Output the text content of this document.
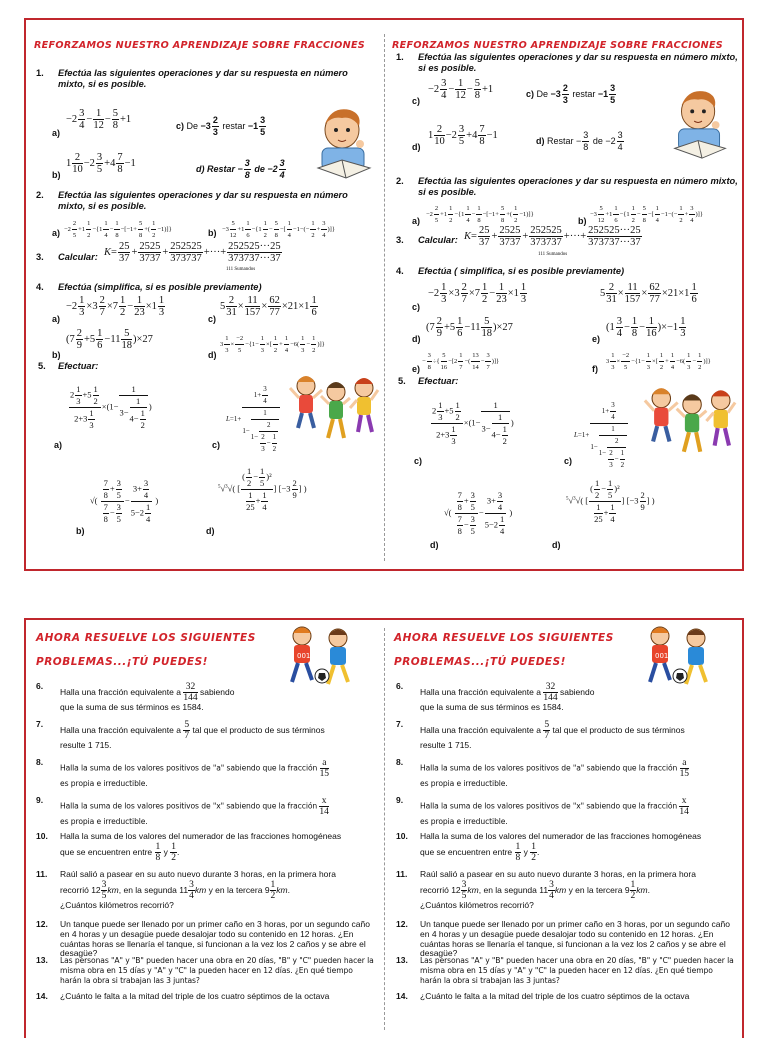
REFORZAMOS NUESTRO APRENDIZAJE SOBRE FRACCIONES
1. Efectúa las siguientes operaciones y dar su respuesta en número mixto, si es posible.
a)
$-2 \frac{3}{4} - \frac{1}{12} - \frac{5}{8} +1$
c) $De -3 \frac{2}{3}$ restar $-1 \frac{3}{5}$
b)
$1 \frac{2}{10} -2 \frac{3}{5} +4 \frac{7}{8} -1$	d) Restar − $\frac{3}{8}$ de $-2 \frac{3}{4}$
2. Efectúa las siguientes operaciones y dar su respuesta en número mixto, si es posible.
$a) -2 \frac{2}{5} +1 \frac{1}{2} -\{1 \frac{1}{4} - \frac{1}{8} -[-1+ \frac{5}{8}$ +( $\frac{1}{2} -1$)]}	$b) -3 \frac{5}{12} +1 \frac{1}{6} -\{1 \frac{1}{2} - \frac{5}{8}$ −[ $\frac{1}{4} -1-(- \frac{1}{2} + \frac{3}{4}$ )]}
3. Calcular: $K= \frac{25}{37} + \frac{2525}{3737} + \frac{252525}{373737}$ +···+ $\frac{252525\cdot\cdot\cdot 25}{373737\cdot\cdot\cdot 37}$
111 Sumandos
4. Efectúa (simplifica, si es posible previamente)
a)
$-2 \frac{1}{3} \times 3 \frac{2}{7} \times 7 \frac{1}{2} - \frac{1}{23} \times 1 \frac{1}{3}$
c)
$5 \frac{2}{31} \times \frac{11}{157} \times \frac{62}{77} \times 21\times 1 \frac{1}{6}$
b)
$(7 \frac{2}{9} +5 \frac{1}{6} -11 \frac{5}{18} )\times 27$
d)
$3 \frac{1}{3} \times \frac{-2}{5} -\{1- \frac{1}{3}$ ×[ $\frac{1}{2} + \frac{1}{4} -6( \frac{1}{3} - \frac{1}{2}$ )]}
5. Efectuar:
a)
$\frac{2 \frac{1}{3} +5 \frac{1}{2}}{2+3 \frac{1}{3}} \times(1- \frac{1}{3- \frac{1}{4- \frac{1}{2}}}$ )
c)
$L=1+ \frac{1+ \frac{3}{4}}{1- \frac{1}{1- \frac{2}{\frac{2}{3} - \frac{1}{2}}}}$
b)
√( $\frac{\frac{7}{8} + \frac{3}{5}}{\frac{7}{8} - \frac{3}{5}} - \frac{3+ \frac{3}{4}}{5-2 \frac{1}{4}}$ )
d)
$^5$√$^3$√( [ $\frac{( \frac{1}{2} - \frac{1}{5} )^2}{\frac{1}{25} + \frac{1}{4}}$ ] [$-3 \frac{2}{9}$ ] )
REFORZAMOS NUESTRO APRENDIZAJE SOBRE FRACCIONES
1. Efectúa las siguientes operaciones y dar su respuesta en número mixto, si es posible.
c)
$-2 \frac{3}{4} - \frac{1}{12} - \frac{5}{8} +1$	c) $De -3 \frac{2}{3}$ restar $-1 \frac{3}{5}$
d)
$1 \frac{2}{10} -2 \frac{3}{5} +4 \frac{7}{8} -1$	d) Restar − $\frac{3}{8}$ de $-2 \frac{3}{4}$
2. Efectúa las siguientes operaciones y dar su respuesta en número mixto, si es posible.
a)
$-2 \frac{2}{5} +1 \frac{1}{2} -\{1 \frac{1}{4} - \frac{1}{8} -[-1+ \frac{5}{8}$ +( $\frac{1}{2} -1$)]}
b)
$-3 \frac{5}{12} +1 \frac{1}{6} -\{1 \frac{1}{2} - \frac{5}{8}$ −[ $\frac{1}{4} -1-(- \frac{1}{2} + \frac{3}{4}$ )]}
3. Calcular: $K= \frac{25}{37} + \frac{2525}{3737} + \frac{252525}{373737}$ +···+ $\frac{252525\cdot\cdot\cdot 25}{373737\cdot\cdot\cdot 37}$
111 Sumandos
4. Efectúa ( simplifica, si es posible previamente)
c)
$-2 \frac{1}{3} \times 3 \frac{2}{7} \times 7 \frac{1}{2} - \frac{1}{23} \times 1 \frac{1}{3}$	$5 \frac{2}{31} \times \frac{11}{157} \times \frac{62}{77} \times 21\times 1 \frac{1}{6}$
d)
$(7 \frac{2}{9} +5 \frac{1}{6} -11 \frac{5}{18} )\times 27$
e)
$(1 \frac{3}{4} - \frac{1}{8} - \frac{1}{16} )\times-1 \frac{1}{3}$
e)
− $\frac{3}{8}$ ÷{ $\frac{5}{16} -[2 \frac{1}{7}$ −( $\frac{13}{14} - \frac{3}{7}$ )]}
f)
$3 \frac{1}{3} \times \frac{-2}{5} -\{1- \frac{1}{3}$ ×[ $\frac{1}{2} + \frac{1}{4} -6( \frac{1}{3} - \frac{1}{2}$ )]}
5. Efectuar:
c)
$\frac{2 \frac{1}{3} +5 \frac{1}{2}}{2+3 \frac{1}{3}} \times(1- \frac{1}{3- \frac{1}{4- \frac{1}{2}}}$ )
c)
$L=1+ \frac{1+ \frac{3}{4}}{1- \frac{1}{1- \frac{2}{\frac{2}{3} - \frac{1}{2}}}}$
d)
√( $\frac{\frac{7}{8} + \frac{3}{5}}{\frac{7}{8} - \frac{3}{5}} - \frac{3+ \frac{3}{4}}{5-2 \frac{1}{4}}$ )
d)
$^5$√$^3$√( [ $\frac{( \frac{1}{2} - \frac{1}{5} )^2}{\frac{1}{25} + \frac{1}{4}}$ ] [$-3 \frac{2}{9}$ ] )
AHORA RESUELVE LOS SIGUIENTES
PROBLEMAS...¡TÚ PUEDES!	001
6.
Halla una fracción equivalente a $\frac{32}{144}$ sabiendo
que la suma de sus términos es 1584.
7.
Halla una fracción equivalente a $\frac{5}{7}$ tal que el producto de sus términos
resulte 1 715.
8.
Halla la suma de los valores positivos de "a" sabiendo que la fracción $\frac{a}{15}$

es propia e irreductible.
9.
Halla la suma de los valores positivos de "x" sabiendo que la fracción $\frac{x}{14}$

es propia e irreductible.
10. Halla la suma de los valores del numerador de las fracciones homogéneas
que se encuentren entre $\frac{1}{8}$ y $\frac{1}{2}$ .
11. Raúl salió a pasear en su auto nuevo durante 3 horas, en la primera hora
recorrió $12 \frac{3}{5}$ km, en la segunda $11 \frac{3}{4}$ km y en la tercera $9 \frac{1}{2}$ km.
¿Cuántos kilómetros recorrió?
12. Un tanque puede ser llenado por un primer caño en 3 horas, por un segundo caño en 4 horas y un desagüe puede desalojar todo su contenido en 12 horas. ¿En cuántas horas se llenaría el tanque, si funcionan a la vez los 2 caños y se abre el desagüe?
13. Las personas "A" y "B" pueden hacer una obra en 20 días, "B" y "C" pueden hacer la misma obra en 15 días y "A" y "C" la pueden hacer en 12 días. ¿En qué tiempo harán la obra si trabajan las 3 juntas?
14. ¿Cuánto le falta a la mitad del triple de los cuatro séptimos de la octava
AHORA RESUELVE LOS SIGUIENTES
PROBLEMAS...¡TÚ PUEDES!	001
6.
Halla una fracción equivalente a $\frac{32}{144}$ sabiendo
que la suma de sus términos es 1584.
7.
Halla una fracción equivalente a $\frac{5}{7}$ tal que el producto de sus términos
resulte 1 715.
8.
Halla la suma de los valores positivos de "a" sabiendo que la fracción $\frac{a}{15}$

es propia e irreductible.
9.
Halla la suma de los valores positivos de "x" sabiendo que la fracción $\frac{x}{14}$

es propia e irreductible.
10. Halla la suma de los valores del numerador de las fracciones homogéneas
que se encuentren entre $\frac{1}{8}$ y $\frac{1}{2}$ .
11. Raúl salió a pasear en su auto nuevo durante 3 horas, en la primera hora
recorrió $12 \frac{3}{5}$ km, en la segunda $11 \frac{3}{4}$ km y en la tercera $9 \frac{1}{2}$ km.
¿Cuántos kilómetros recorrió?
12. Un tanque puede ser llenado por un primer caño en 3 horas, por un segundo caño en 4 horas y un desagüe puede desalojar todo su contenido en 12 horas. ¿En cuántas horas se llenaría el tanque, si funcionan a la vez los 2 caños y se abre el desagüe?
13. Las personas "A" y "B" pueden hacer una obra en 20 días, "B" y "C" pueden hacer la misma obra en 15 días y "A" y "C" la pueden hacer en 12 días. ¿En qué tiempo harán la obra si trabajan las 3 juntas?
14. ¿Cuánto le falta a la mitad del triple de los cuatro séptimos de la octava
